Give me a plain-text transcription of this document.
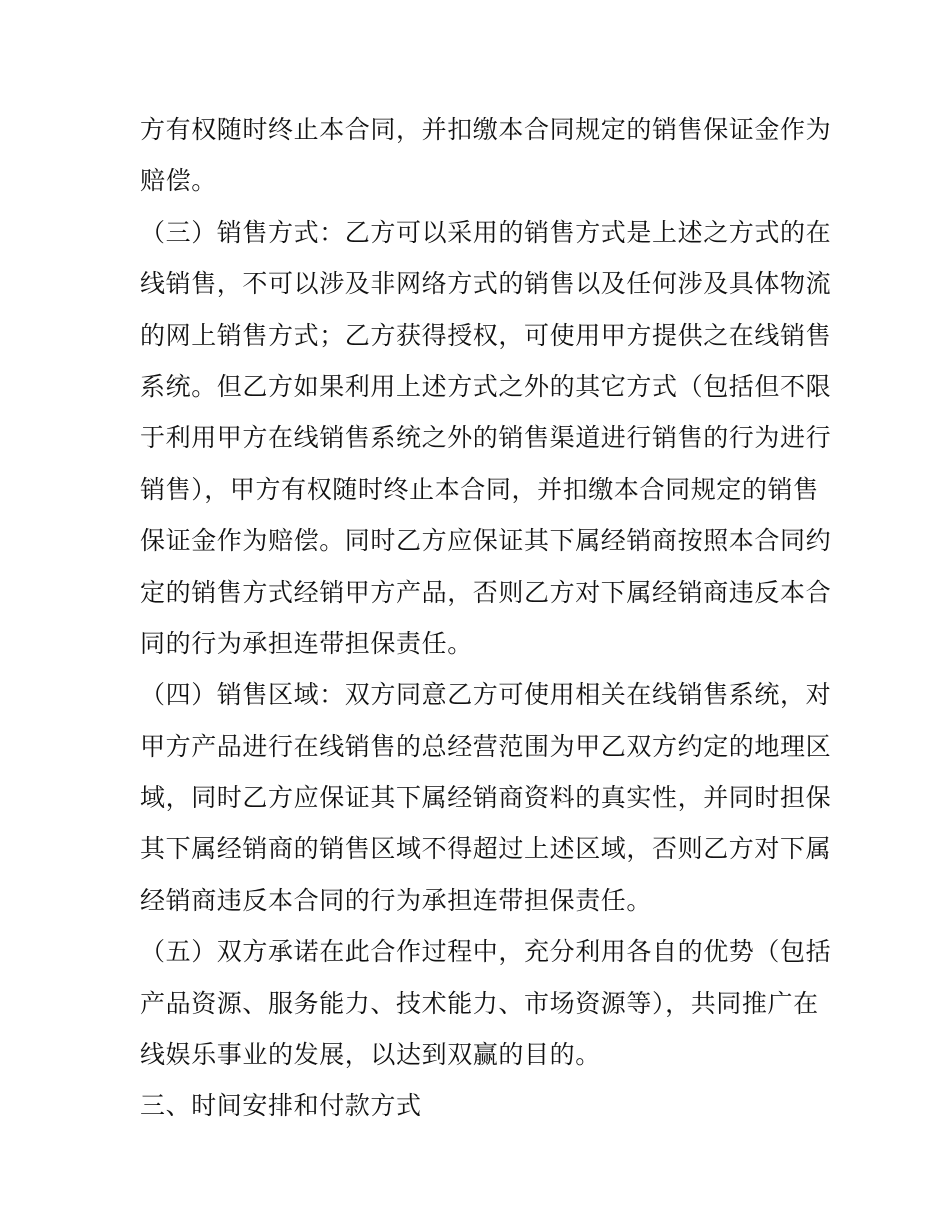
方有权随时终止本合同，并扣缴本合同规定的销售保证金作为
赔偿。
（三）销售方式：乙方可以采用的销售方式是上述之方式的在
线销售，不可以涉及非网络方式的销售以及任何涉及具体物流
的网上销售方式；乙方获得授权，可使用甲方提供之在线销售
系统。但乙方如果利用上述方式之外的其它方式（包括但不限
于利用甲方在线销售系统之外的销售渠道进行销售的行为进行
销售），甲方有权随时终止本合同，并扣缴本合同规定的销售
保证金作为赔偿。同时乙方应保证其下属经销商按照本合同约
定的销售方式经销甲方产品，否则乙方对下属经销商违反本合
同的行为承担连带担保责任。
（四）销售区域：双方同意乙方可使用相关在线销售系统，对
甲方产品进行在线销售的总经营范围为甲乙双方约定的地理区
域，同时乙方应保证其下属经销商资料的真实性，并同时担保
其下属经销商的销售区域不得超过上述区域，否则乙方对下属
经销商违反本合同的行为承担连带担保责任。
（五）双方承诺在此合作过程中，充分利用各自的优势（包括
产品资源、服务能力、技术能力、市场资源等），共同推广在
线娱乐事业的发展，以达到双赢的目的。
三、时间安排和付款方式
